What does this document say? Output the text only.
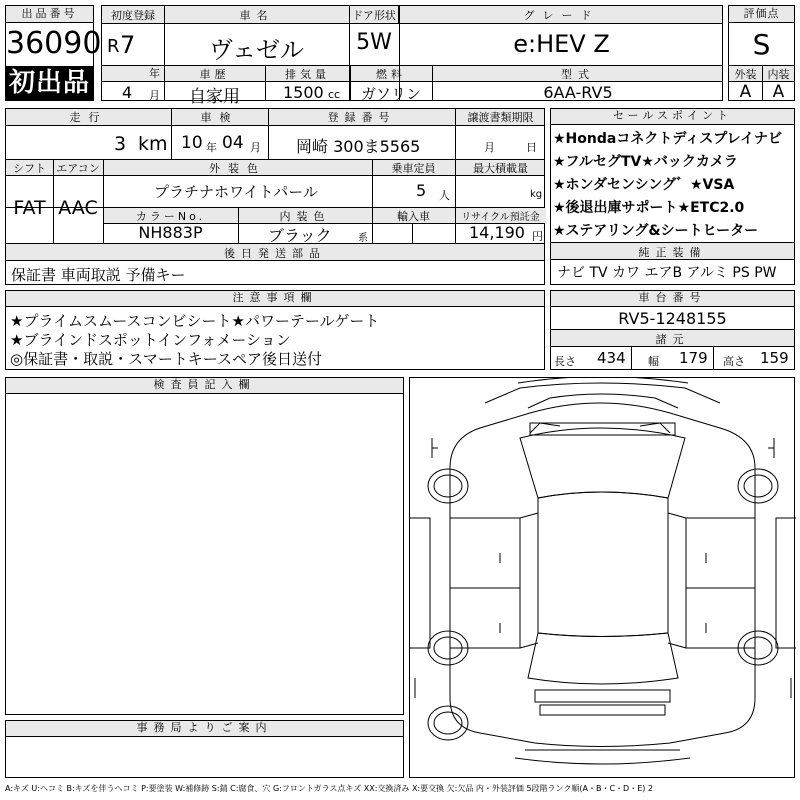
出品番号
36090
初出品
初度登録
R 7
年
4 月
車名
ヴェゼル
ドア形状
5W
グレード
e:HEV Z
車歴
自家用
排気量
1500 cc
燃料
ガソリン
型式
6AA-RV5
評価点
S
外装	内装
A	A
走行
3 km
車検
10 年 04 月
登録番号
岡崎 300ま5565
譲渡書類期限
月	日
シフト
FAT
エアコン
AAC
外装色
プラチナホワイトパール
乗車定員
5 人
最大積載量
kg
カラーNo.
NH883P
内装色
ブラック	系
輸入車	リサイクル預託金
14,190 円
後日発送部品
保証書 車両取説 予備キー
セールスポイント
★Hondaコネクトディスプレイナビ
★フルセグTV★バックカメラ
★ホンダセンシング゛★VSA
★後退出庫サポート★ETC2.0
★ステアリング&シートヒーター
純正装備
ナビ TV カワ エアB アルミ PS PW
注意事項欄
★プライムスムースコンビシート★パワーテールゲート
★ブラインドスポットインフォメーション
◎保証書・取説・スマートキースペア後日送付
車台番号
RV5-1248155
諸元
長さ 434 幅 179 高さ 159
検査員記入欄
事務局よりご案内
A:キズ U:ヘコミ B:キズを伴うヘコミ P:要塗装 W:補修跡 S:錆 C:腐食、穴 G:フロントガラス点キズ XX:交換済み X:要交換 欠:欠品 内・外装評価 5段階ランク順(A・B・C・D・E) 2
